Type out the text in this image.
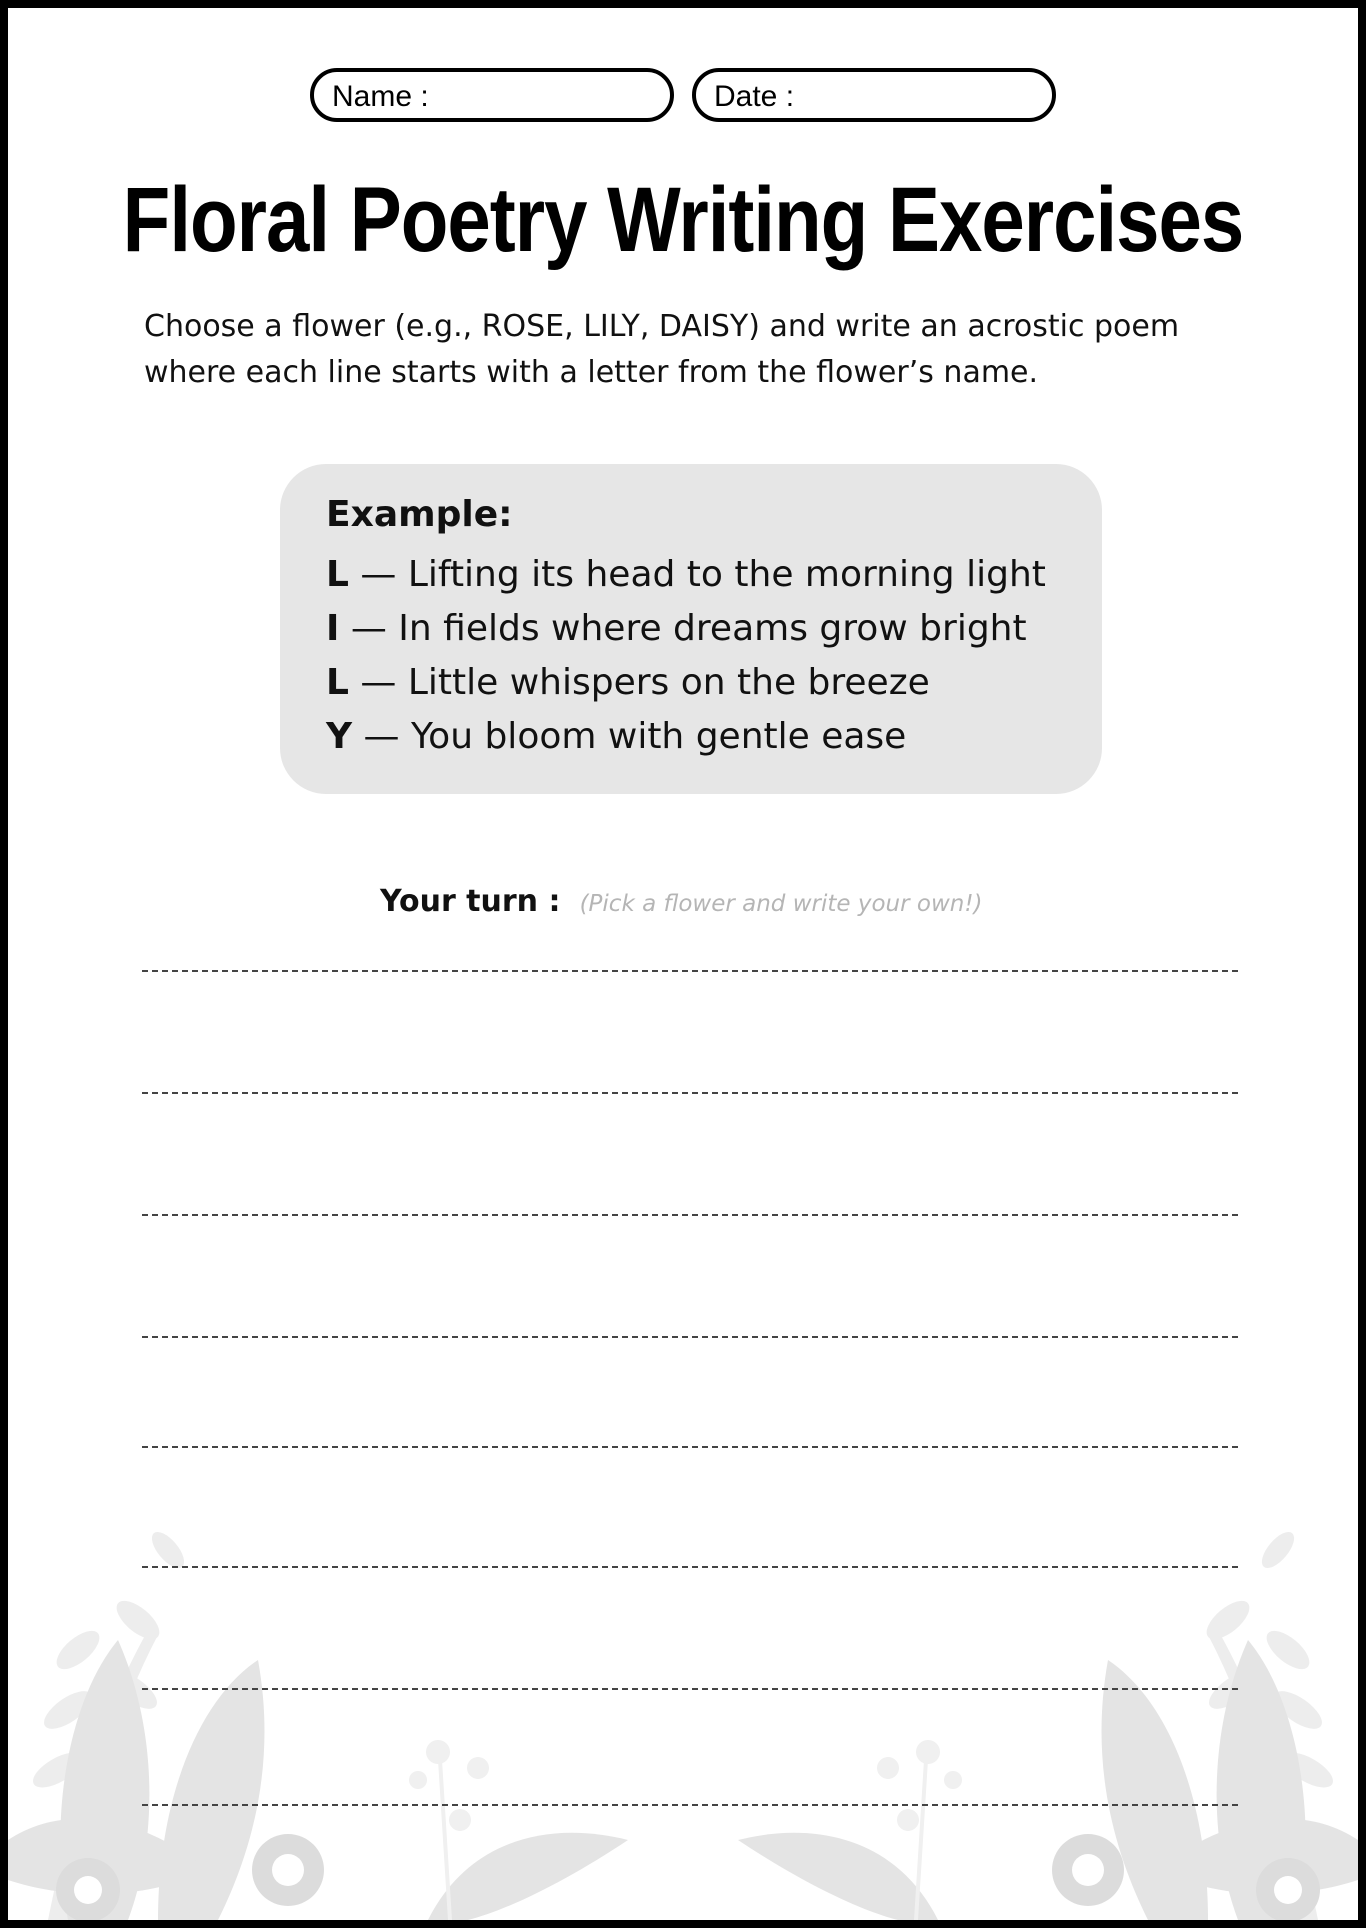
Name :	Date :
Floral Poetry Writing Exercises
Choose a flower (e.g., ROSE, LILY, DAISY) and write an acrostic poem
where each line starts with a letter from the flower’s name.
Example:
L — Lifting its head to the morning light
I — In fields where dreams grow bright
L — Little whispers on the breeze
Y — You bloom with gentle ease
Your turn : (Pick a flower and write your own!)
